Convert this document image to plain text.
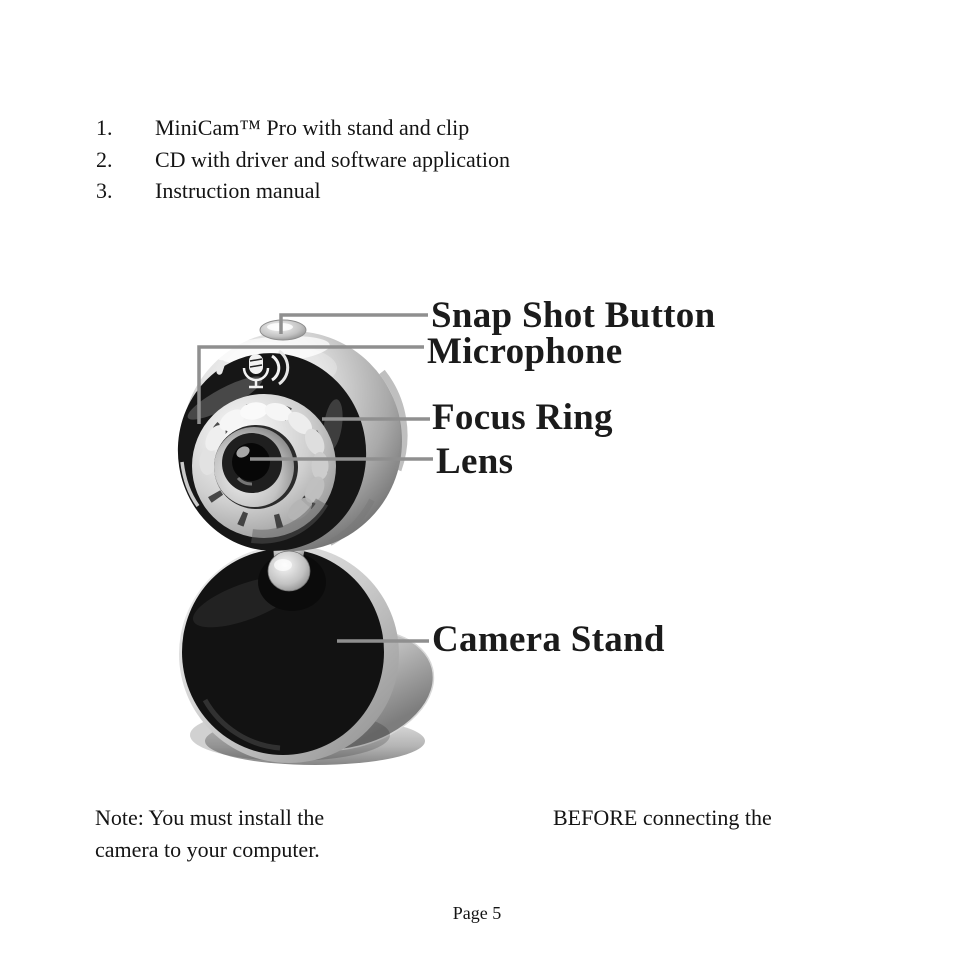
1.	MiniCam™ Pro with stand and clip
2.	CD with driver and software application
3.	Instruction manual
Snap Shot Button
Microphone
Focus Ring
Lens
Camera Stand
Note: You must install the	BEFORE connecting the
camera to your computer.
Page 5
